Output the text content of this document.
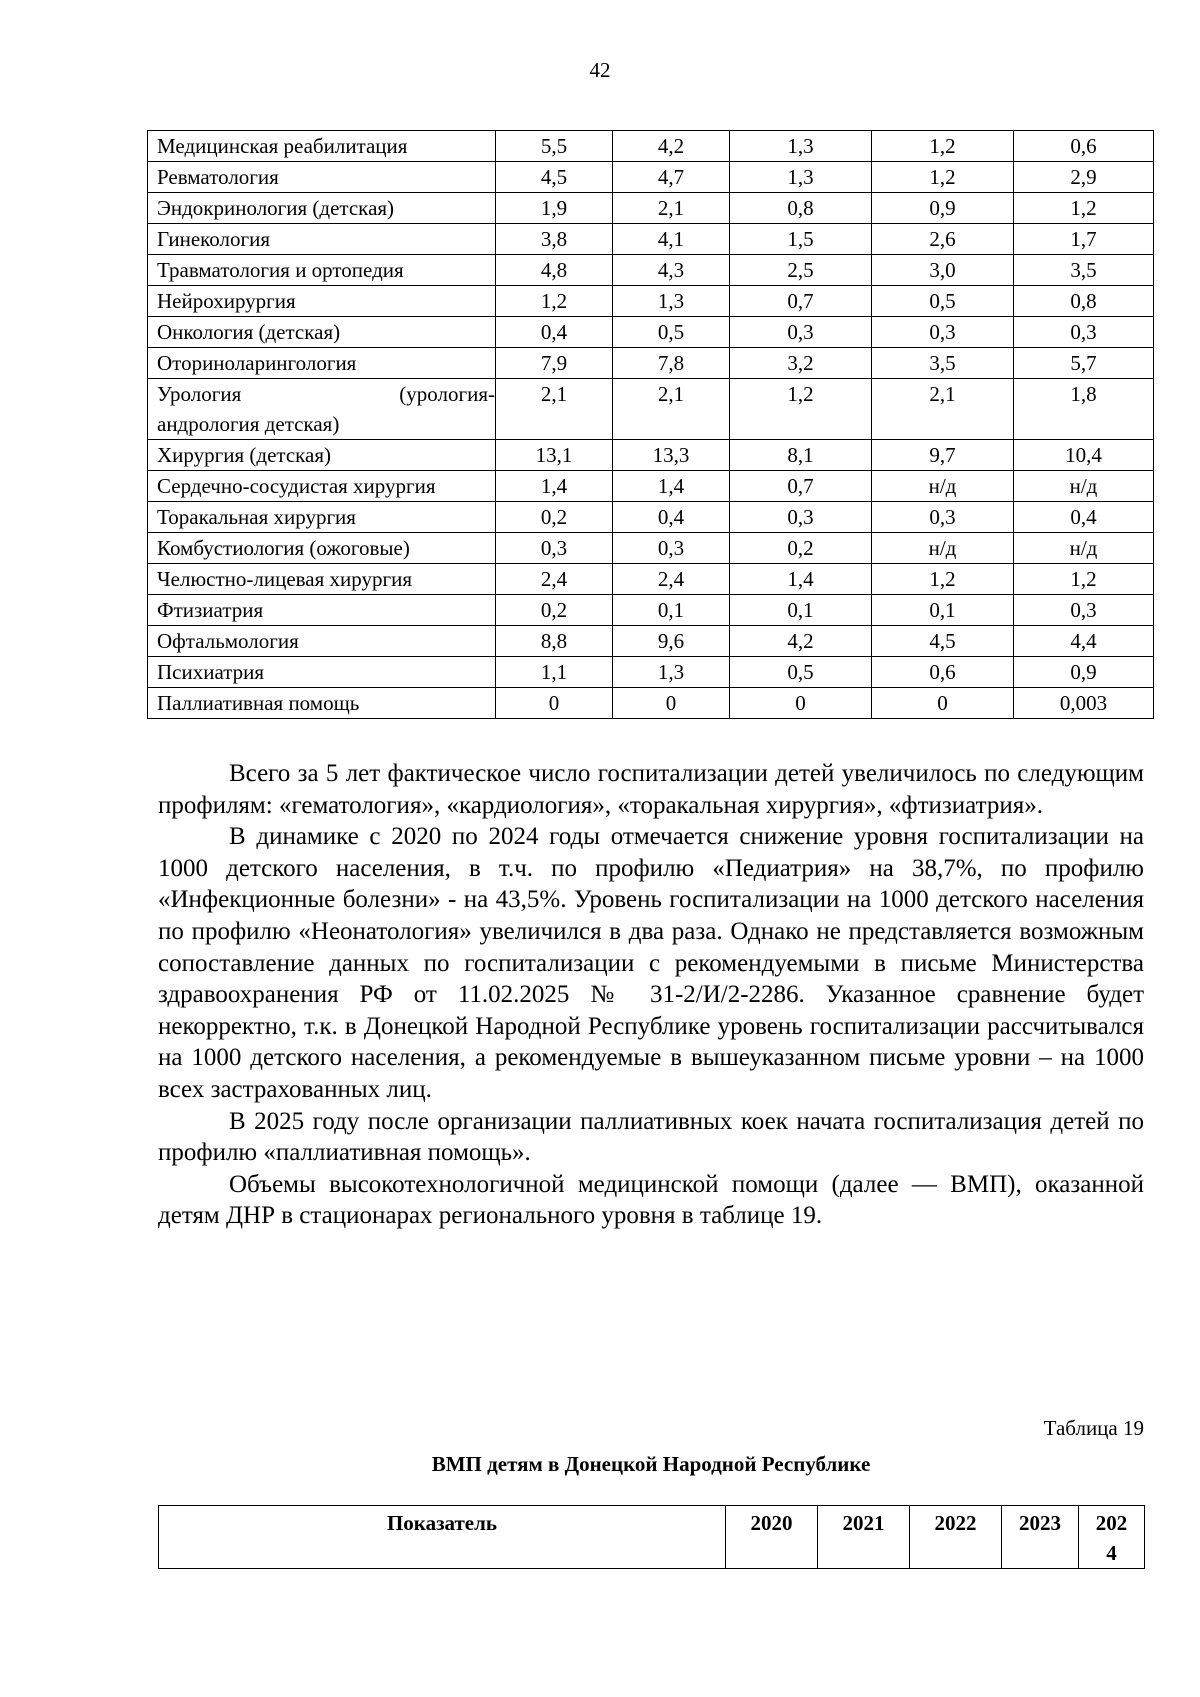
42
Медицинская реабилитация	5,5	4,2	1,3	1,2	0,6
Ревматология	4,5	4,7	1,3	1,2	2,9
Эндокринология (детская)	1,9	2,1	0,8	0,9	1,2
Гинекология	3,8	4,1	1,5	2,6	1,7
Травматология и ортопедия	4,8	4,3	2,5	3,0	3,5
Нейрохирургия	1,2	1,3	0,7	0,5	0,8
Онкология (детская)	0,4	0,5	0,3	0,3	0,3
Оториноларингология	7,9	7,8	3,2	3,5	5,7

Урология (урология-
андрология детская)	2,1	2,1	1,2	2,1	1,8
Хирургия (детская)	13,1	13,3	8,1	9,7	10,4
Сердечно-сосудистая хирургия	1,4	1,4	0,7	н/д	н/д
Торакальная хирургия	0,2	0,4	0,3	0,3	0,4
Комбустиология (ожоговые)	0,3	0,3	0,2	н/д	н/д
Челюстно-лицевая хирургия	2,4	2,4	1,4	1,2	1,2
Фтизиатрия	0,2	0,1	0,1	0,1	0,3
Офтальмология	8,8	9,6	4,2	4,5	4,4
Психиатрия	1,1	1,3	0,5	0,6	0,9
Паллиативная помощь	0	0	0	0	0,003

Всего за 5 лет фактическое число госпитализации детей увеличилось по следующим профилям: «гематология», «кардиология», «торакальная хирургия», «фтизиатрия».

В динамике с 2020 по 2024 годы отмечается снижение уровня госпитализации на 1000 детского населения, в т.ч. по профилю «Педиатрия» на 38,7%, по профилю «Инфекционные болезни» - на 43,5%. Уровень госпитализации на 1000 детского населения по профилю «Неонатология» увеличился в два раза. Однако не представляется возможным сопоставление данных по госпитализации с рекомендуемыми в письме Министерства здравоохранения РФ от 11.02.2025 № 31-2/И/2-2286. Указанное сравнение будет некорректно, т.к. в Донецкой Народной Республике уровень госпитализации рассчитывался на 1000 детского населения, а рекомендуемые в вышеуказанном письме уровни – на 1000 всех застрахованных лиц.

В 2025 году после организации паллиативных коек начата госпитализация детей по профилю «паллиативная помощь».

Объемы высокотехнологичной медицинской помощи (далее — ВМП), оказанной детям ДНР в стационарах регионального уровня в таблице 19.

Таблица 19
ВМП детям в Донецкой Народной Республике
Показатель	2020	2021	2022	2023	202
4
